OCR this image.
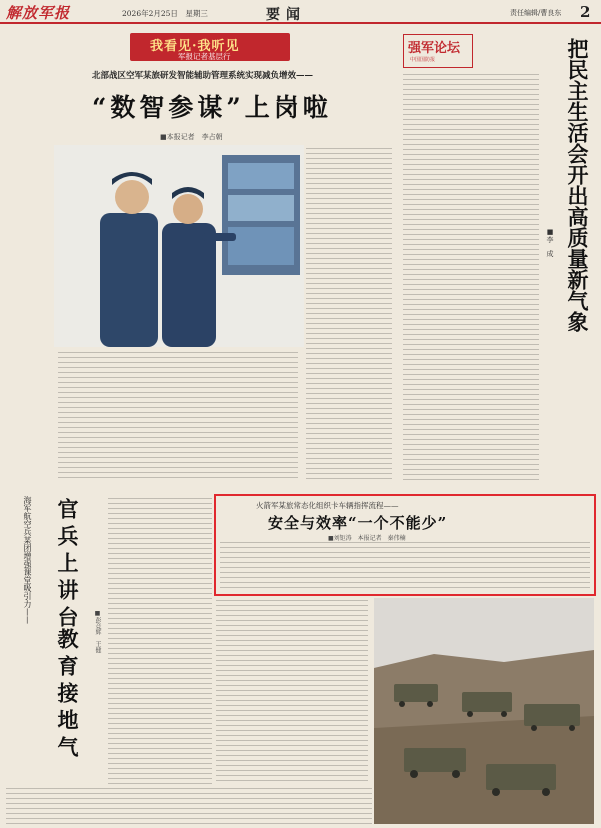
解放军报	2026年2月25日　星期三	要闻	责任编辑/曹良东 2
我看见·我听见
军报记者基层行
北部战区空军某旅研发智能辅助管理系统实现减负增效——
“数智参谋”上岗啦
■本报记者　李占朝
强军论坛
中国国防报	把民主生活会开出高质量新气象
■李　成
火箭军某旅常态化组织卡车辆指挥流程——
安全与效率“一个不能少”
■刘钜涛　本报记者　秦伟楠
海军航空兵某团增强课堂吸引力—— 官兵上讲台
教育接地气	■彭竞辉　王健
